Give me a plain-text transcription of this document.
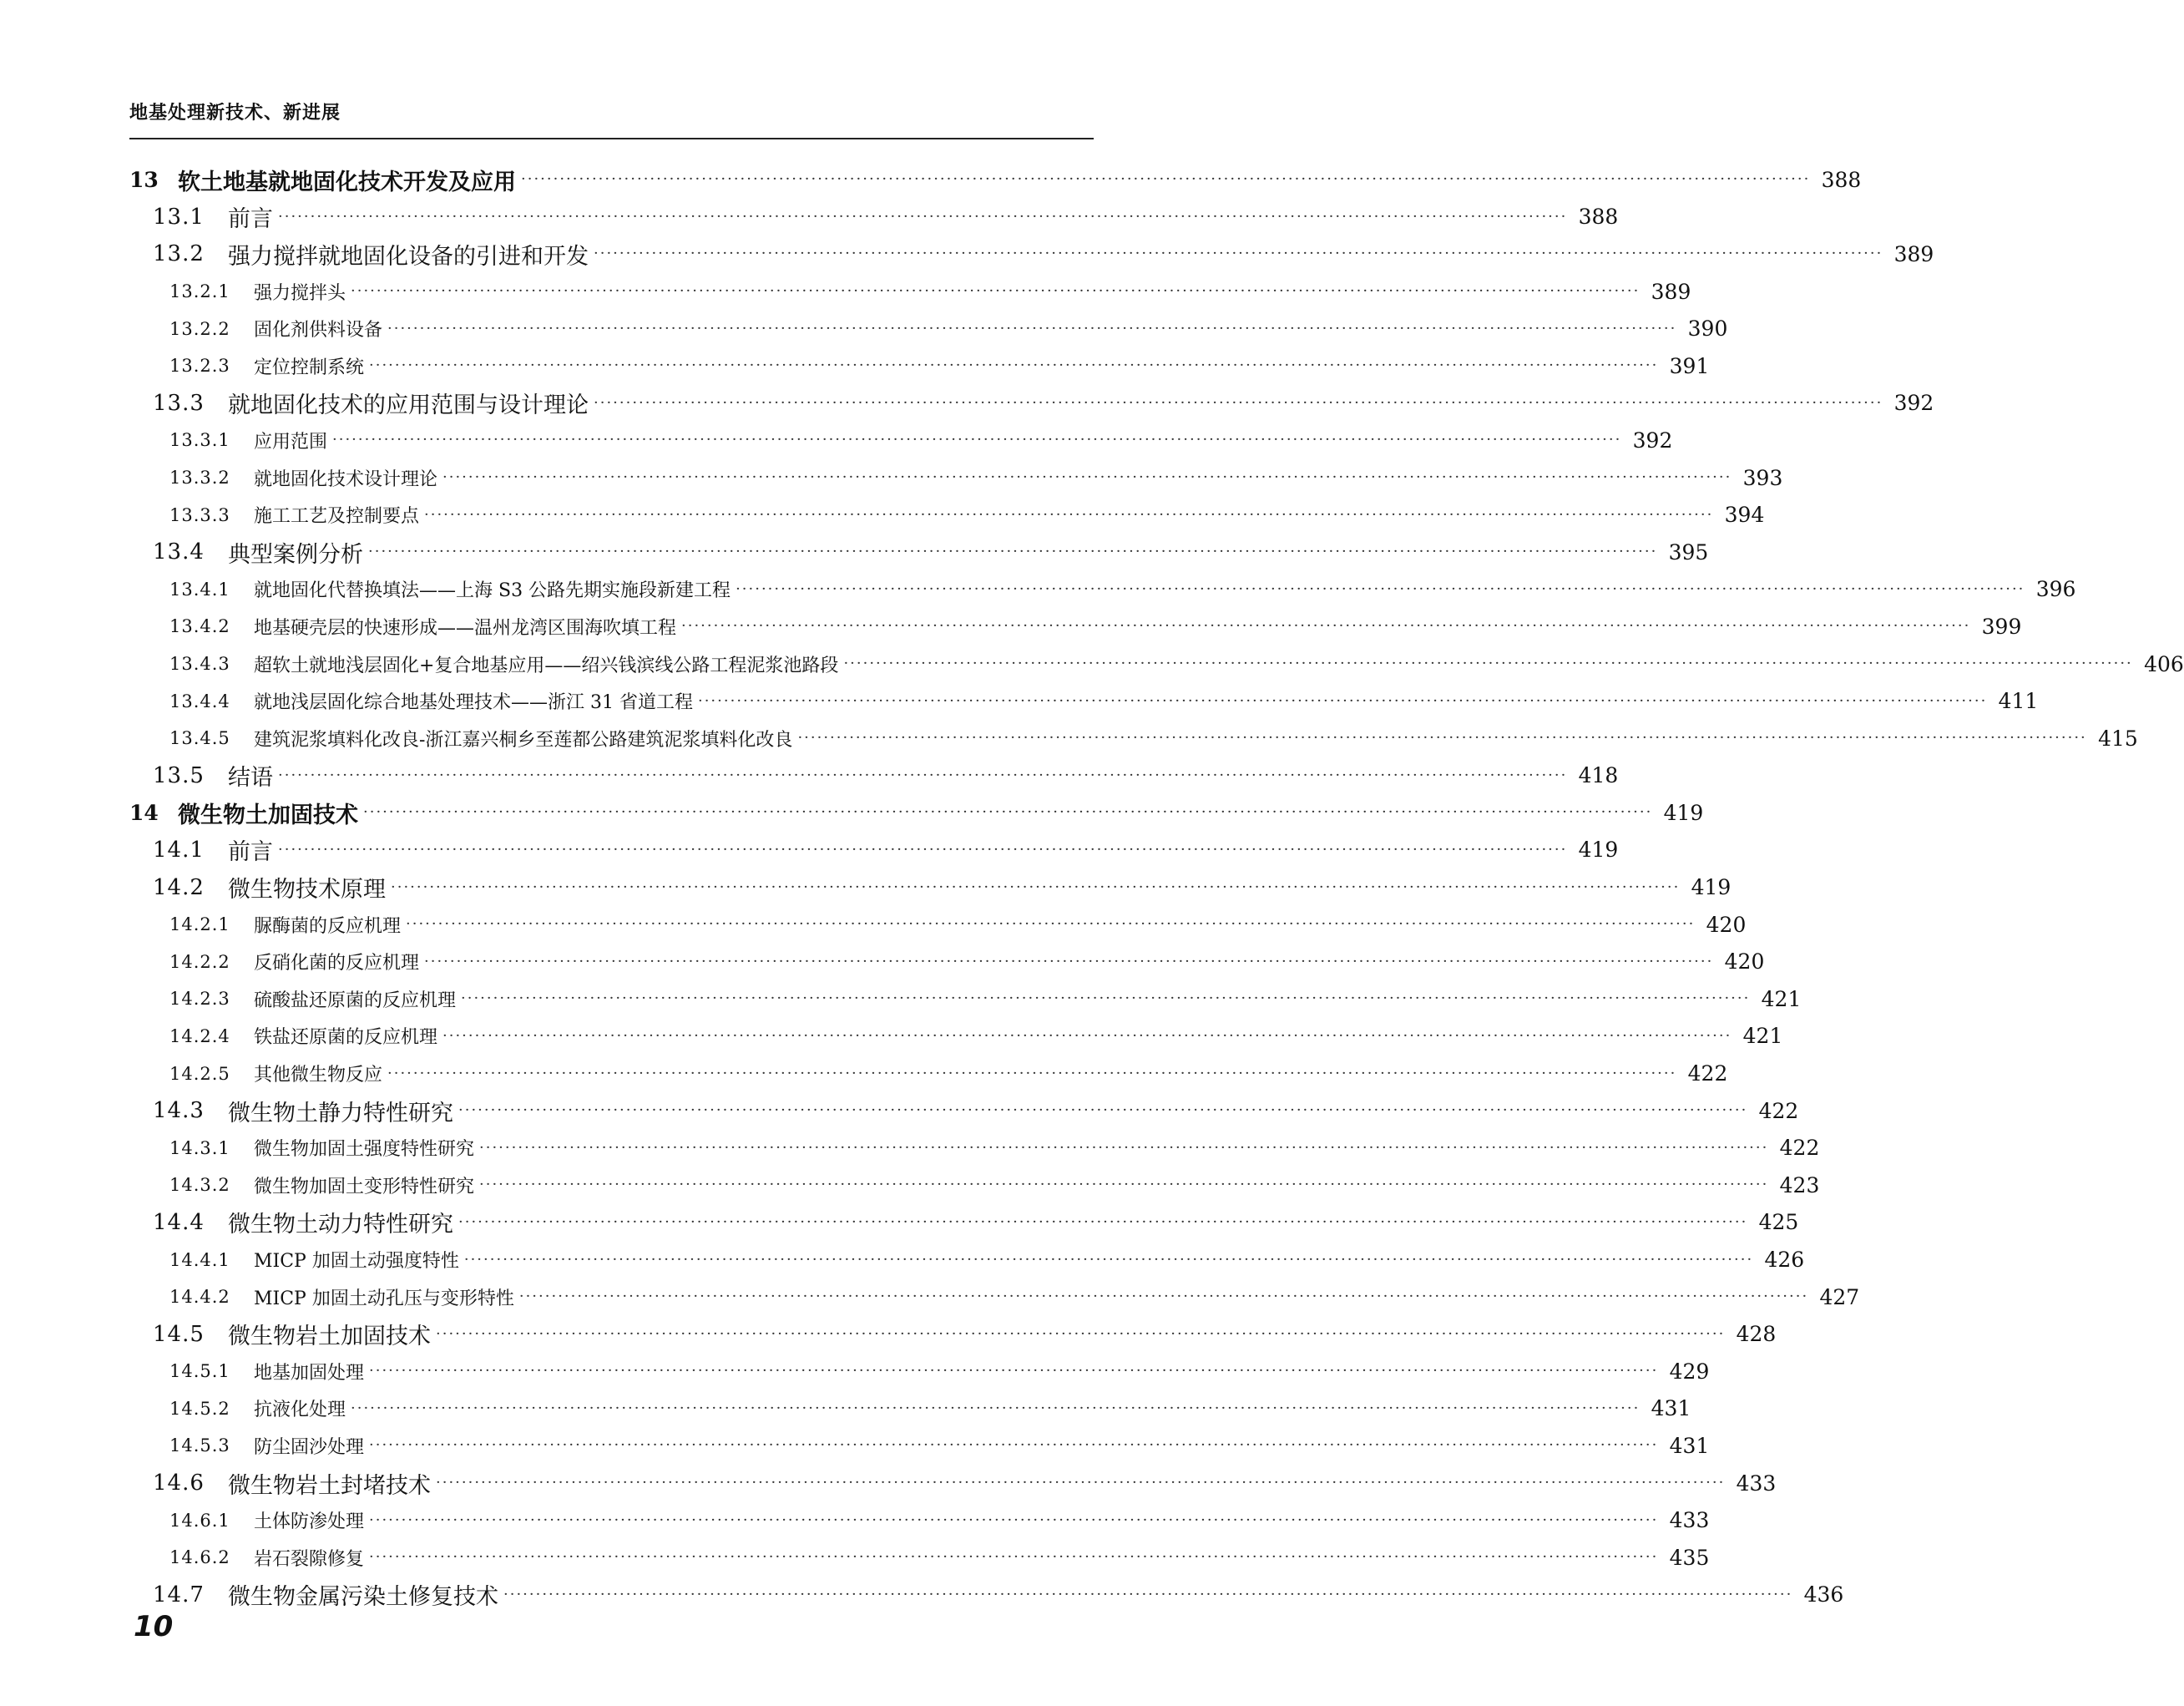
地基处理新技术、新进展
13 软土地基就地固化技术开发及应用 ········································································································································································································ 388
13.1	前言 ········································································································································································································ 388
13.2	强力搅拌就地固化设备的引进和开发 ········································································································································································································ 389
13.2.1	强力搅拌头 ········································································································································································································ 389
13.2.2	固化剂供料设备 ········································································································································································································ 390
13.2.3	定位控制系统 ········································································································································································································ 391
13.3	就地固化技术的应用范围与设计理论 ········································································································································································································ 392
13.3.1	应用范围 ········································································································································································································ 392
13.3.2	就地固化技术设计理论 ········································································································································································································ 393
13.3.3	施工工艺及控制要点 ········································································································································································································ 394
13.4	典型案例分析 ········································································································································································································ 395
13.4.1	就地固化代替换填法——上海 S3 公路先期实施段新建工程 ········································································································································································································ 396
13.4.2	地基硬壳层的快速形成——温州龙湾区围海吹填工程 ········································································································································································································ 399
13.4.3	超软土就地浅层固化+复合地基应用——绍兴钱滨线公路工程泥浆池路段 ········································································································································································································ 406
13.4.4	就地浅层固化综合地基处理技术——浙江 31 省道工程 ········································································································································································································ 411
13.4.5	建筑泥浆填料化改良-浙江嘉兴桐乡至莲都公路建筑泥浆填料化改良 ········································································································································································································ 415
13.5	结语 ········································································································································································································ 418
14 微生物土加固技术 ········································································································································································································ 419
14.1	前言 ········································································································································································································ 419
14.2	微生物技术原理 ········································································································································································································ 419
14.2.1	脲酶菌的反应机理 ········································································································································································································ 420
14.2.2	反硝化菌的反应机理 ········································································································································································································ 420
14.2.3	硫酸盐还原菌的反应机理 ········································································································································································································ 421
14.2.4	铁盐还原菌的反应机理 ········································································································································································································ 421
14.2.5	其他微生物反应 ········································································································································································································ 422
14.3	微生物土静力特性研究 ········································································································································································································ 422
14.3.1	微生物加固土强度特性研究 ········································································································································································································ 422
14.3.2	微生物加固土变形特性研究 ········································································································································································································ 423
14.4	微生物土动力特性研究 ········································································································································································································ 425
14.4.1	MICP 加固土动强度特性 ········································································································································································································ 426
14.4.2	MICP 加固土动孔压与变形特性 ········································································································································································································ 427
14.5	微生物岩土加固技术 ········································································································································································································ 428
14.5.1	地基加固处理 ········································································································································································································ 429
14.5.2	抗液化处理 ········································································································································································································ 431
14.5.3	防尘固沙处理 ········································································································································································································ 431
14.6	微生物岩土封堵技术 ········································································································································································································ 433
14.6.1	土体防渗处理 ········································································································································································································ 433
14.6.2	岩石裂隙修复 ········································································································································································································ 435
14.7	微生物金属污染土修复技术 ········································································································································································································ 436
10
